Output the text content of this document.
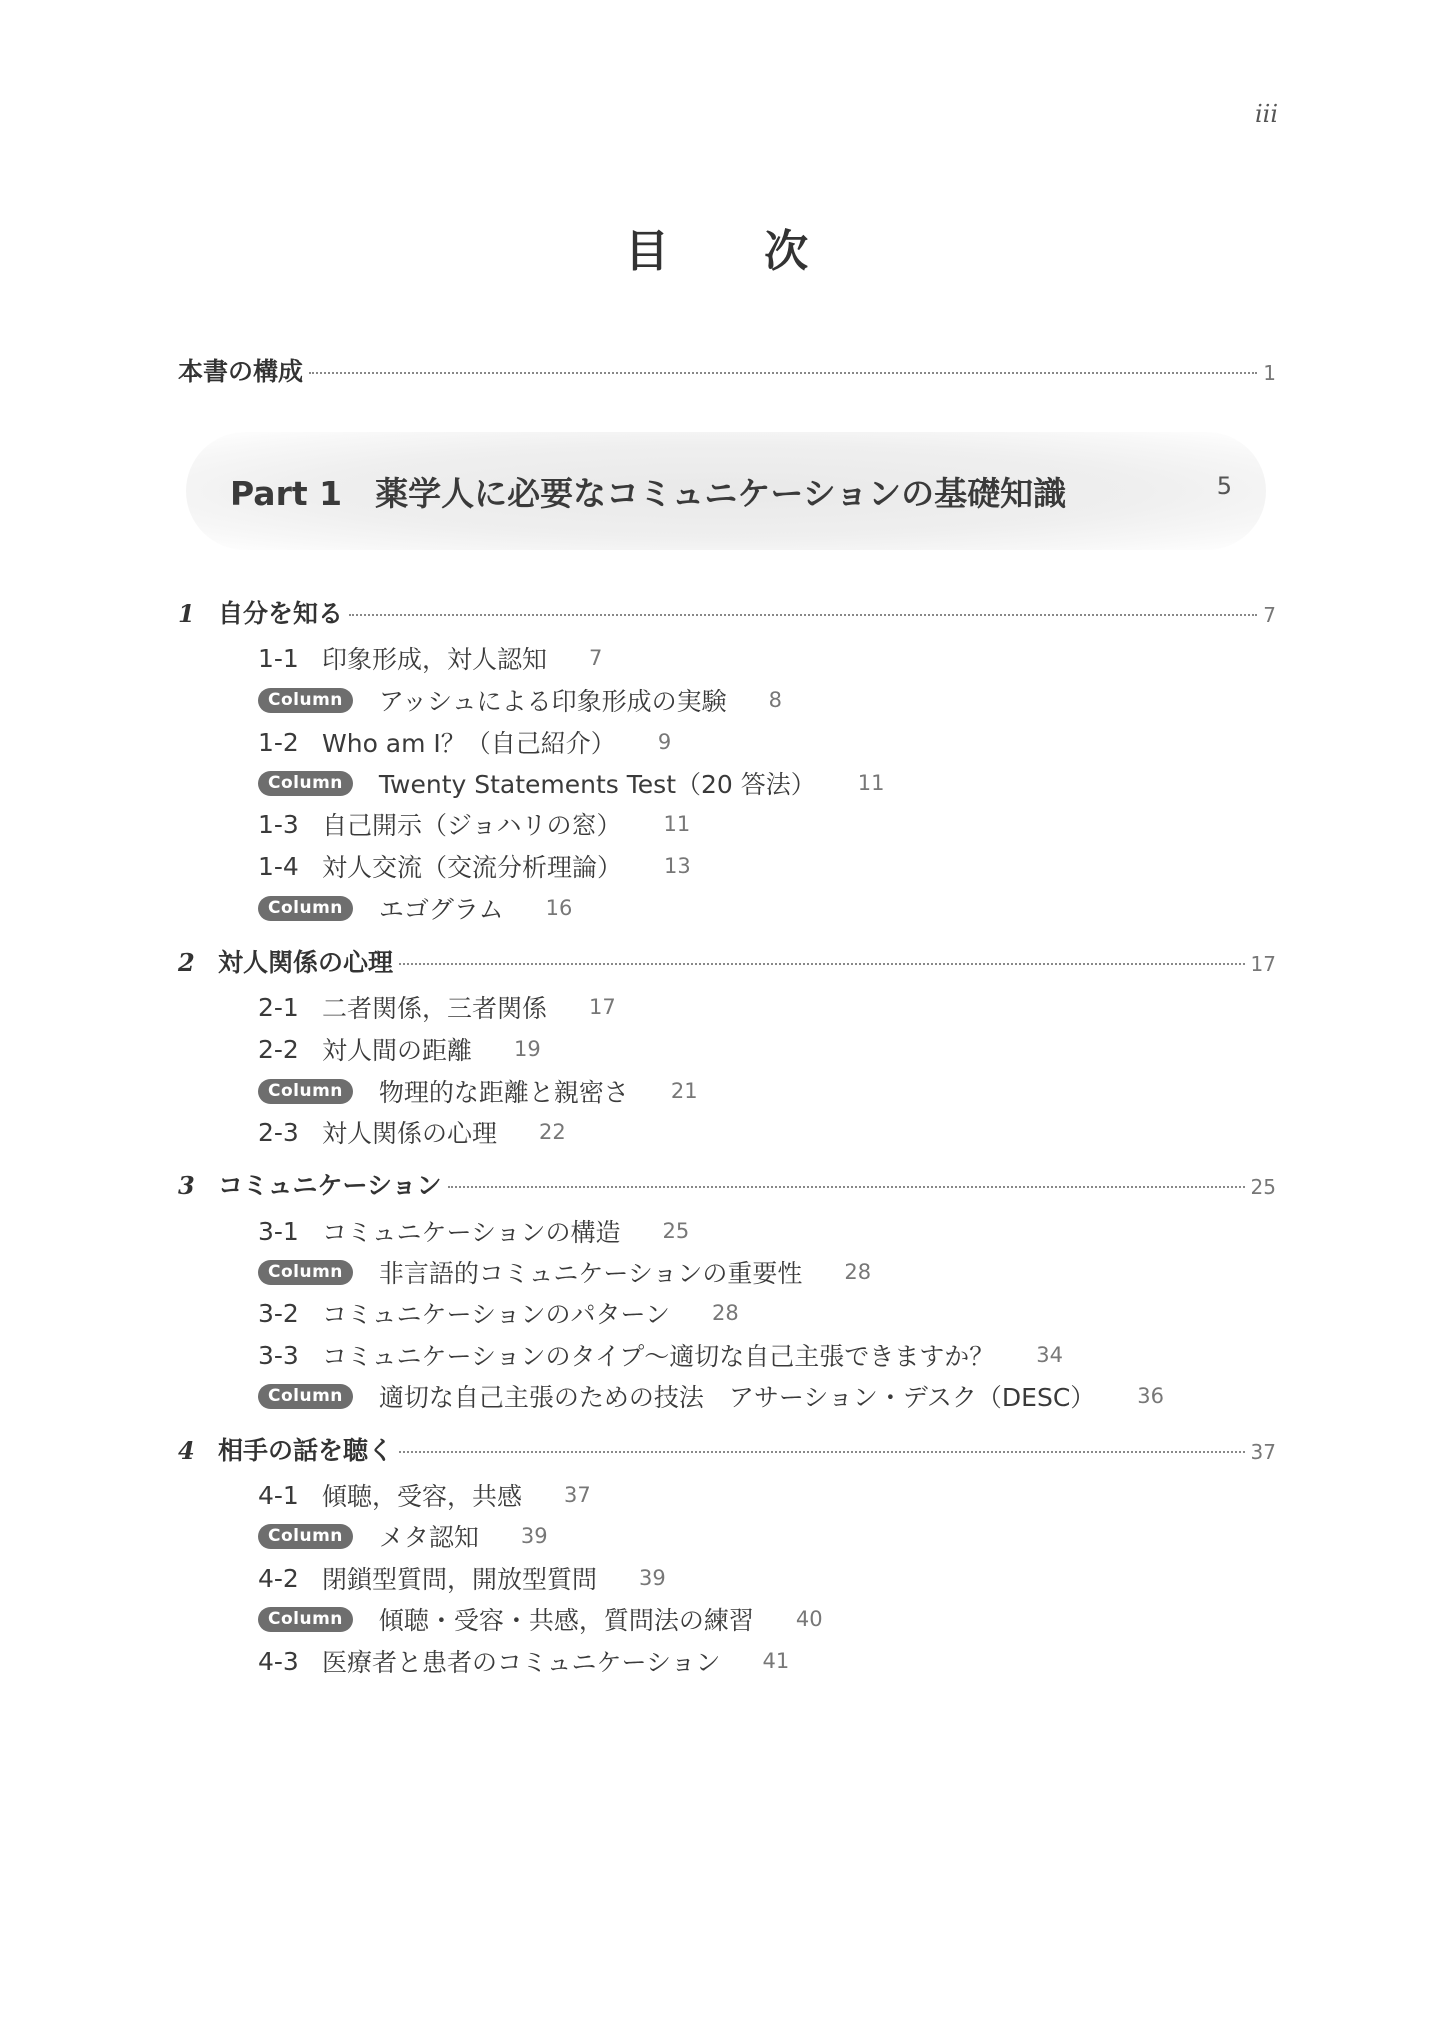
iii
目 次
本書の構成	1
Part 1　薬学人に必要なコミュニケーションの基礎知識	5
1 自分を知る	7
1-1 印象形成，対人認知 7
Column	アッシュによる印象形成の実験 8
1-2 Who am I？（自己紹介） 9
Column	Twenty Statements Test（20 答法） 11
1-3 自己開示（ジョハリの窓） 11
1-4 対人交流（交流分析理論） 13
Column	エゴグラム 16
2 対人関係の心理	17
2-1 二者関係，三者関係 17
2-2 対人間の距離 19
Column	物理的な距離と親密さ 21
2-3 対人関係の心理 22
3 コミュニケーション	25
3-1 コミュニケーションの構造 25
Column	非言語的コミュニケーションの重要性 28
3-2 コミュニケーションのパターン 28
3-3 コミュニケーションのタイプ～適切な自己主張できますか？ 34
Column	適切な自己主張のための技法　アサーション・デスク（DESC） 36
4 相手の話を聴く	37
4-1 傾聴，受容，共感 37
Column	メタ認知 39
4-2 閉鎖型質問，開放型質問 39
Column	傾聴・受容・共感，質問法の練習 40
4-3 医療者と患者のコミュニケーション 41
